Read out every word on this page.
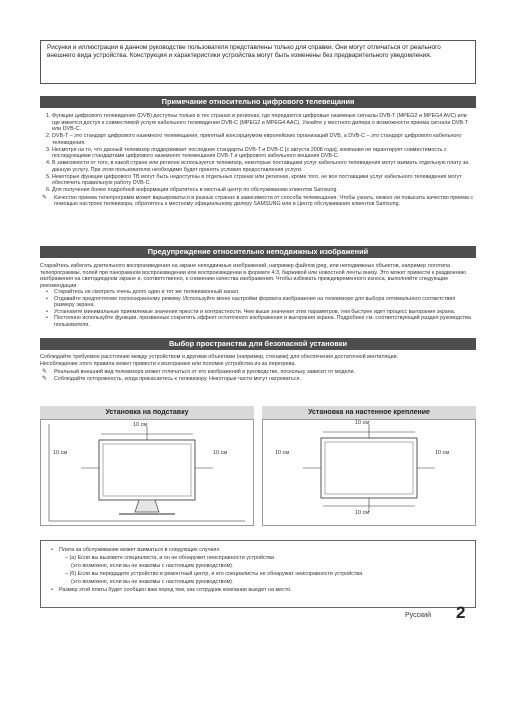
Рисунки и иллюстрации в данном руководстве пользователя представлены только для справки. Они могут отличаться от реального внешнего вида устройства. Конструкция и характеристики устройства могут быть изменены без предварительного уведомления.
Примечание относительно цифрового телевещания
1. Функции цифрового телевидения (DVB) доступны только в тех странах и регионах, где передаются цифровые наземные сигналы DVB-T (MPEG2 и MPEG4 AVC) или где имеется доступ к совместимой услуге кабельного телевидения DVB-C (MPEG2 и MPEG4 AAC). Узнайте у местного дилера о возможности приема сигнала DVB-T или DVB-C.
2. DVB-T – это стандарт цифрового наземного телевещания, принятый консорциумом европейских организаций DVB, а DVB-C – это стандарт цифрового кабельного телевидения.
3. Несмотря на то, что данный телевизор поддерживает последние стандарты DVB-T и DVB-C [с августа 2008 года], компания не гарантирует совместимость с последующими стандартами цифрового наземного телевещания DVB-T и цифрового кабельного вещания DVB-C.
4. В зависимости от того, в какой стране или регионе используется телевизор, некоторые поставщики услуг кабельного телевидения могут взимать отдельную плату за данную услугу. При этом пользователю необходимо будет принять условия предоставления услуги.
5. Некоторые функции цифрового ТВ могут быть недоступны в отдельных странах или регионах, кроме того, не все поставщики услуг кабельного телевидения могут обеспечить правильную работу DVB-C.
6. Для получения более подробной информации обратитесь в местный центр по обслуживанию клиентов Samsung.
✎ Качество приема телепрограмм может варьироваться в разных странах в зависимости от способа телевещания. Чтобы узнать, можно ли повысить качество приема с помощью настроек телевизора, обратитесь к местному официальному дилеру SAMSUNG или в Центр обслуживания клиентов Samsung.
Предупреждение относительно неподвижных изображений
Старайтесь избегать длительного воспроизведения на экране неподвижных изображений, например файлов jpeg, или неподвижных объектов, например логотипа телепрограммы, полей при панорамном воспроизведении или воспроизведении в формате 4:3, бирживой или новостной ленты внизу. Это может привести к раздвоению изображения на светодиодном экране и, соответственно, к снижению качества изображения. Чтобы избежать преждевременного износа, выполняйте следующие рекомендации.
• Старайтесь не смотреть очень долго один и тот же телевизионный канал.
• Отдавайте предпочтение полноэкранному режиму. Используйте меню настройки формата изображения на телевизоре для выбора оптимального соответствия размеру экрана.
• Установите минимальные приемлемые значения яркости и контрастности. Чем выше значения этих параметров, тем быстрее идет процесс выгорания экрана.
• Постоянно используйте функции, призванные сократить эффект остаточного изображения и выгорания экрана. Подробнее см. соответствующий раздел руководства пользователя.
Выбор пространства для безопасной установки
Соблюдайте требуемое расстояние между устройством и другими объектами (например, стенами) для обеспечения достаточной вентиляции.
Несоблюдение этого правила может привести к возгоранию или поломке устройства из-за перегрева.
✎ Реальный внешний вид телевизора может отличаться от его изображений в руководстве, поскольку зависит от модели.
✎ Соблюдайте осторожность, когда прикасаетесь к телевизору. Некоторые части могут нагреваться.
Установка на подставку	Установка на настенное крепление
10 см
10 см	10 см
10 см
10 см	10 см
10 см
• Плата за обслуживание может взиматься в следующих случаях.
– (а) Если вы вызовете специалиста, и он не обнаружит неисправности устройства
(это возможно, если вы не знакомы с настоящим руководством).
– (б) Если вы передадите устройство в ремонтный центр, и его специалисты не обнаружат неисправности устройства
(это возможно, если вы не знакомы с настоящим руководством).
• Размер этой платы будет сообщен вам перед тем, как сотрудник компании выедет на место.
Русский 2
